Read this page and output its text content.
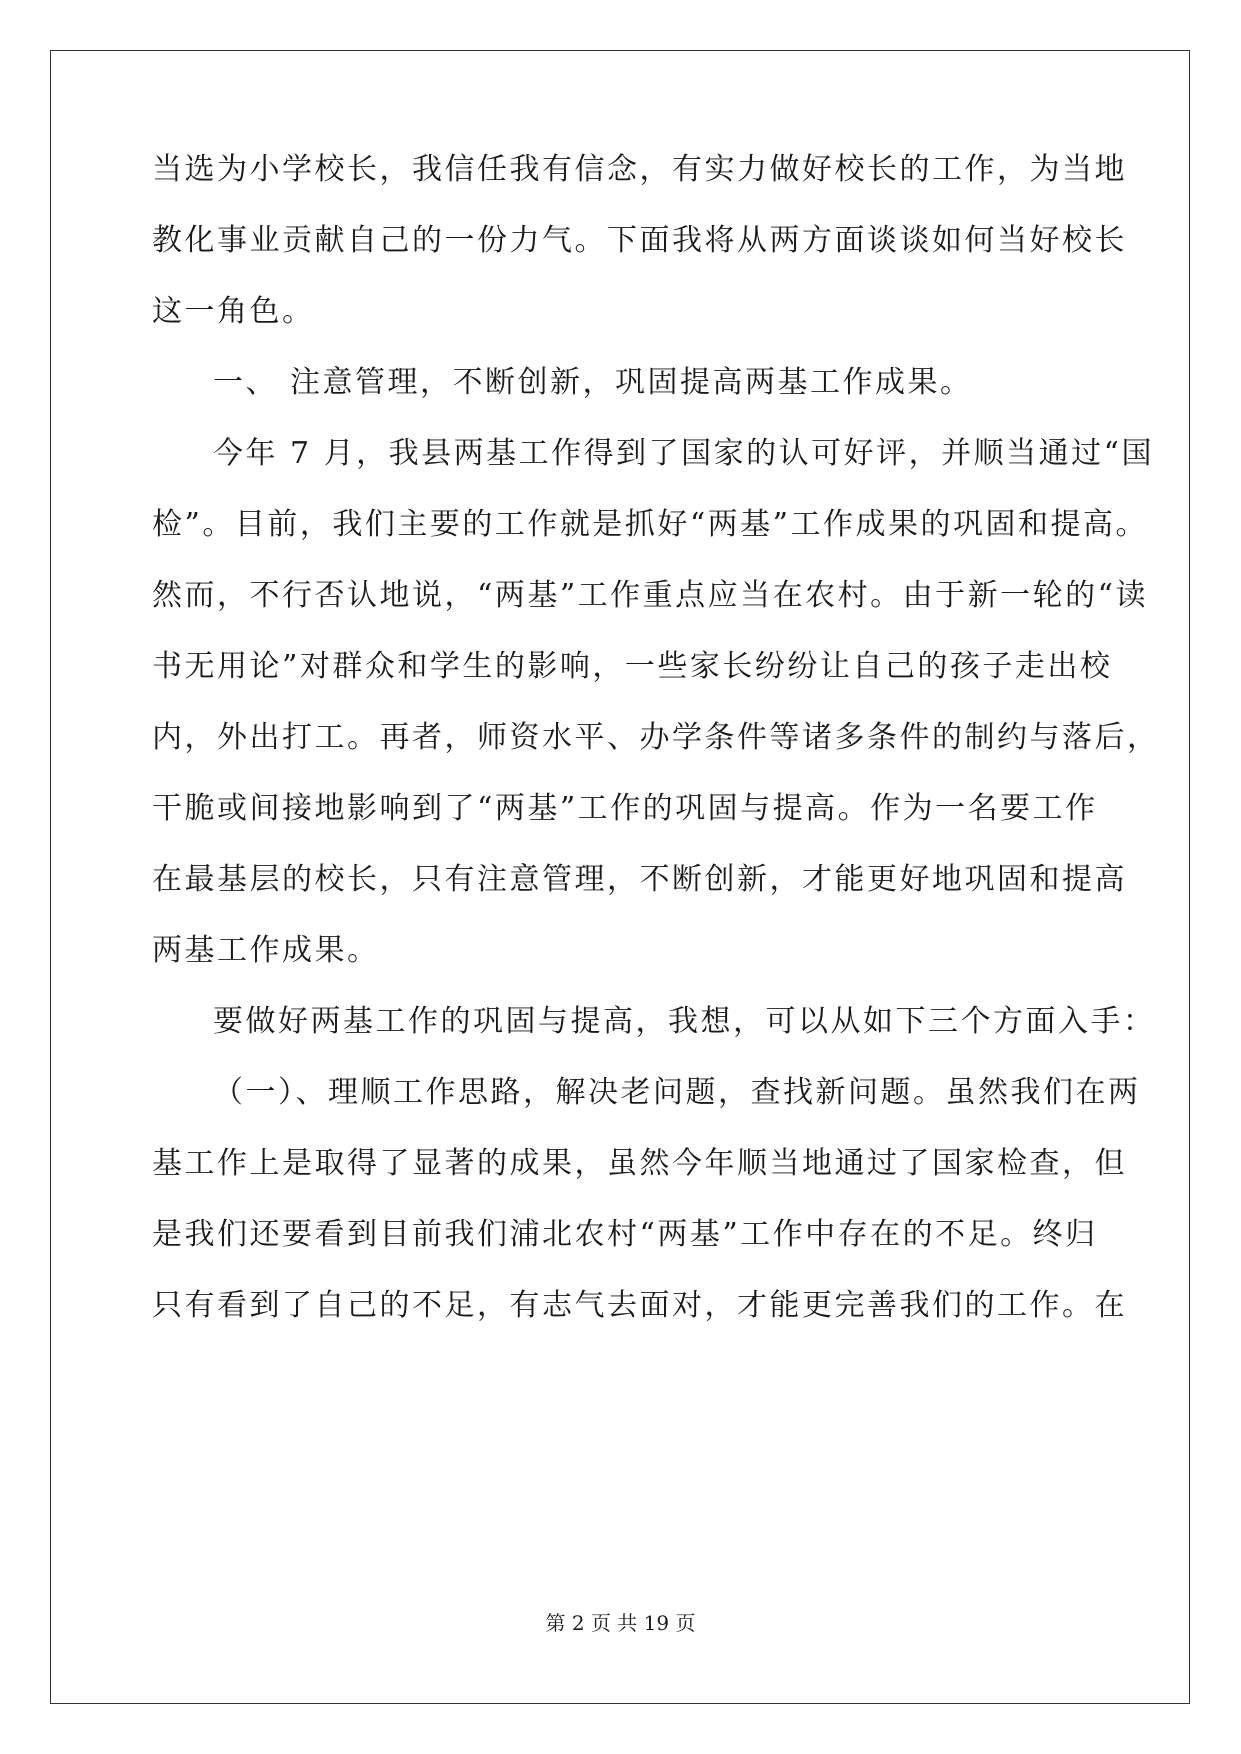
当选为小学校长，我信任我有信念，有实力做好校长的工作，为当地
教化事业贡献自己的一份力气。下面我将从两方面谈谈如何当好校长
这一角色。
一、 注意管理，不断创新，巩固提高两基工作成果。
今年 7 月，我县两基工作得到了国家的认可好评，并顺当通过“国
检”。目前，我们主要的工作就是抓好“两基”工作成果的巩固和提高。
然而，不行否认地说，“两基”工作重点应当在农村。由于新一轮的“读
书无用论”对群众和学生的影响，一些家长纷纷让自己的孩子走出校
内，外出打工。再者，师资水平、办学条件等诸多条件的制约与落后，
干脆或间接地影响到了“两基”工作的巩固与提高。作为一名要工作
在最基层的校长，只有注意管理，不断创新，才能更好地巩固和提高
两基工作成果。
要做好两基工作的巩固与提高，我想，可以从如下三个方面入手：
（一）、理顺工作思路，解决老问题，查找新问题。虽然我们在两
基工作上是取得了显著的成果，虽然今年顺当地通过了国家检查，但
是我们还要看到目前我们浦北农村“两基”工作中存在的不足。终归
只有看到了自己的不足，有志气去面对，才能更完善我们的工作。在
第 2 页 共 19 页
